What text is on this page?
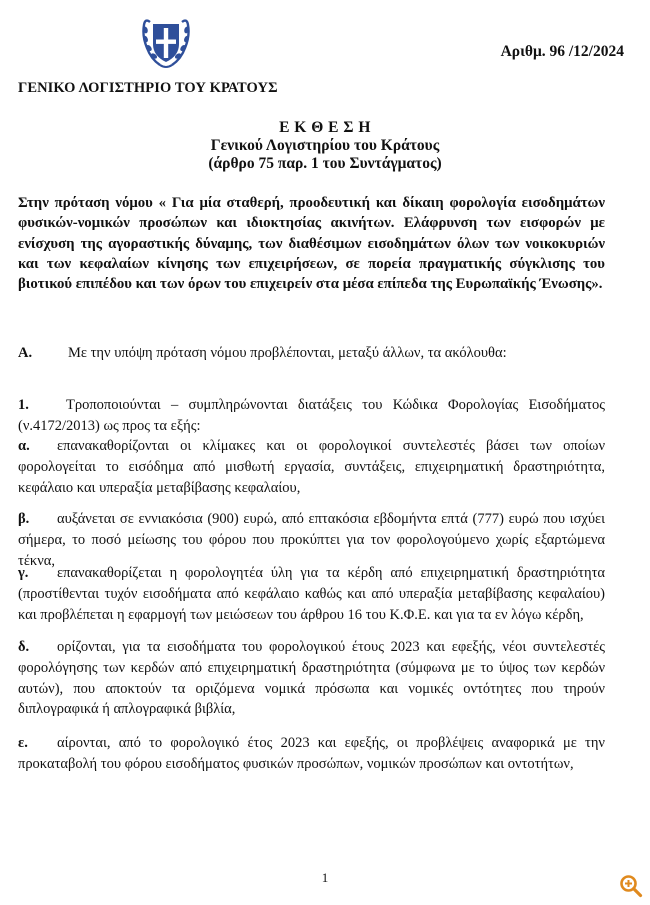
Αριθμ. 96 /12/2024
ΓΕΝΙΚΟ ΛΟΓΙΣΤΗΡΙΟ ΤΟΥ ΚΡΑΤΟΥΣ
Ε Κ Θ Ε Σ Η
Γενικού Λογιστηρίου του Κράτους
(άρθρο 75 παρ. 1 του Συντάγματος)
Στην πρόταση νόμου « Για μία σταθερή, προοδευτική και δίκαιη φορολογία εισοδημάτων φυσικών-νομικών προσώπων και ιδιοκτησίας ακινήτων. Ελάφρυνση των εισφορών με ενίσχυση της αγοραστικής δύναμης, των διαθέσιμων εισοδημάτων όλων των νοικοκυριών και των κεφαλαίων κίνησης των επιχειρήσεων, σε πορεία πραγματικής σύγκλισης του βιοτικού επιπέδου και των όρων του επιχειρείν στα μέσα επίπεδα της Ευρωπαϊκής Ένωσης».
Α. Με την υπόψη πρόταση νόμου προβλέπονται, μεταξύ άλλων, τα ακόλουθα:
1.	Τροποποιούνται – συμπληρώνονται διατάξεις του Κώδικα Φορολογίας Εισοδήματος (ν.4172/2013) ως προς τα εξής:
α. επανακαθορίζονται οι κλίμακες και οι φορολογικοί συντελεστές βάσει των οποίων φορολογείται το εισόδημα από μισθωτή εργασία, συντάξεις, επιχειρηματική δραστηριότητα, κεφάλαιο και υπεραξία μεταβίβασης κεφαλαίου,
β. αυξάνεται σε εννιακόσια (900) ευρώ, από επτακόσια εβδομήντα επτά (777) ευρώ που ισχύει σήμερα, το ποσό μείωσης του φόρου που προκύπτει για τον φορολογούμενο χωρίς εξαρτώμενα τέκνα,
γ. επανακαθορίζεται η φορολογητέα ύλη για τα κέρδη από επιχειρηματική δραστηριότητα (προστίθενται τυχόν εισοδήματα από κεφάλαιο καθώς και από υπεραξία μεταβίβασης κεφαλαίου) και προβλέπεται η εφαρμογή των μειώσεων του άρθρου 16 του Κ.Φ.Ε. και για τα εν λόγω κέρδη,
δ. ορίζονται, για τα εισοδήματα του φορολογικού έτους 2023 και εφεξής, νέοι συντελεστές φορολόγησης των κερδών από επιχειρηματική δραστηριότητα (σύμφωνα με το ύψος των κερδών αυτών), που αποκτούν τα οριζόμενα νομικά πρόσωπα και νομικές οντότητες που τηρούν διπλογραφικά ή απλογραφικά βιβλία,
ε. αίρονται, από το φορολογικό έτος 2023 και εφεξής, οι προβλέψεις αναφορικά με την προκαταβολή του φόρου εισοδήματος φυσικών προσώπων, νομικών προσώπων και οντοτήτων,
1
